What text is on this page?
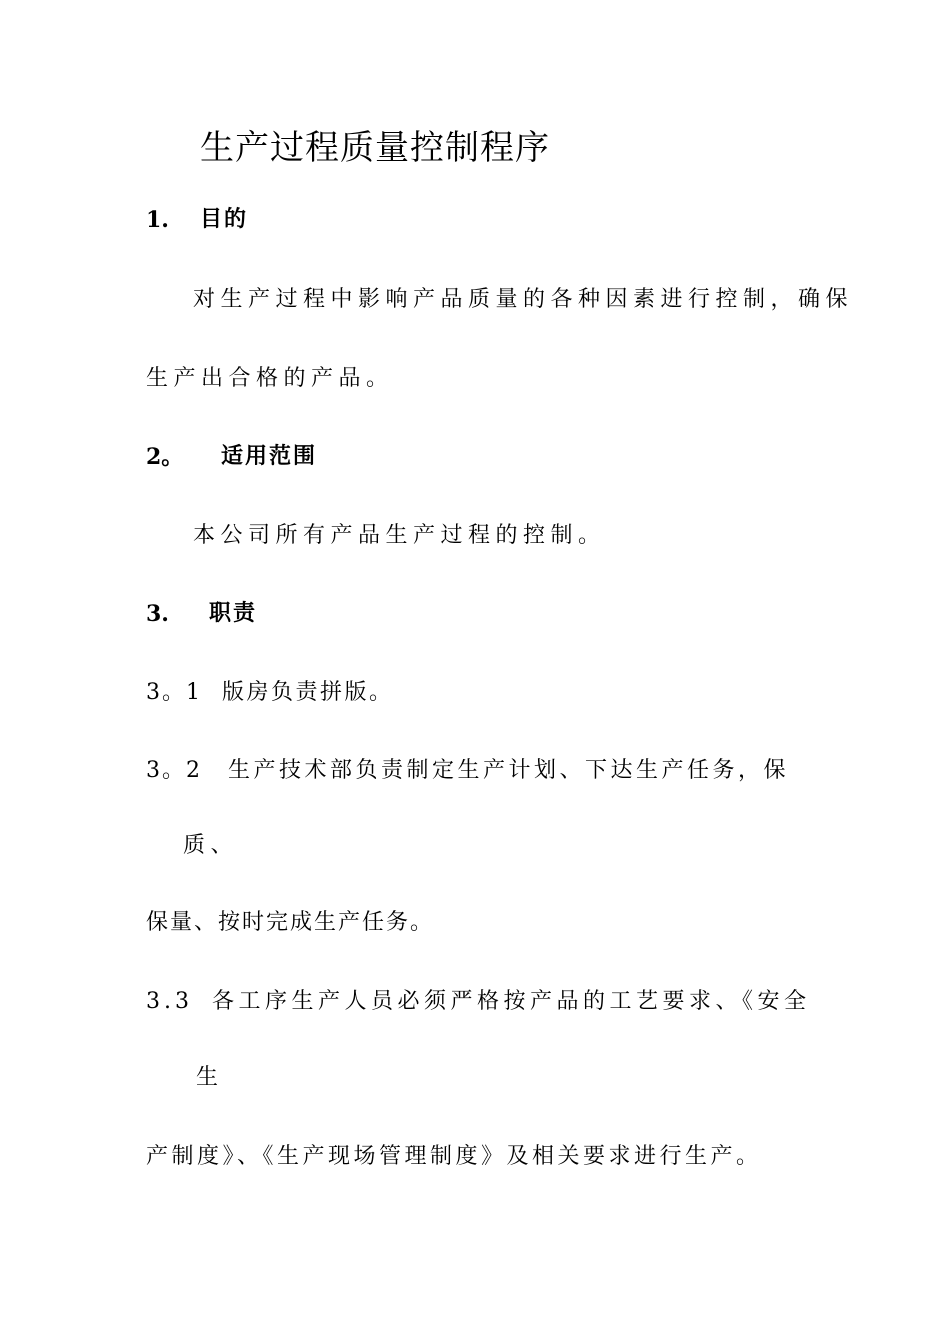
生产过程质量控制程序
1. 目的
对生产过程中影响产品质量的各种因素进行控制，确保
生产出合格的产品。
2。 适用范围
本公司所有产品生产过程的控制。
3. 职责
3。1 版房负责拼版。
3。2 生产技术部负责制定生产计划、下达生产任务，保
质、
保量、按时完成生产任务。
3.3 各工序生产人员必须严格按产品的工艺要求、《安全
生
产制度》、《生产现场管理制度》及相关要求进行生产。
